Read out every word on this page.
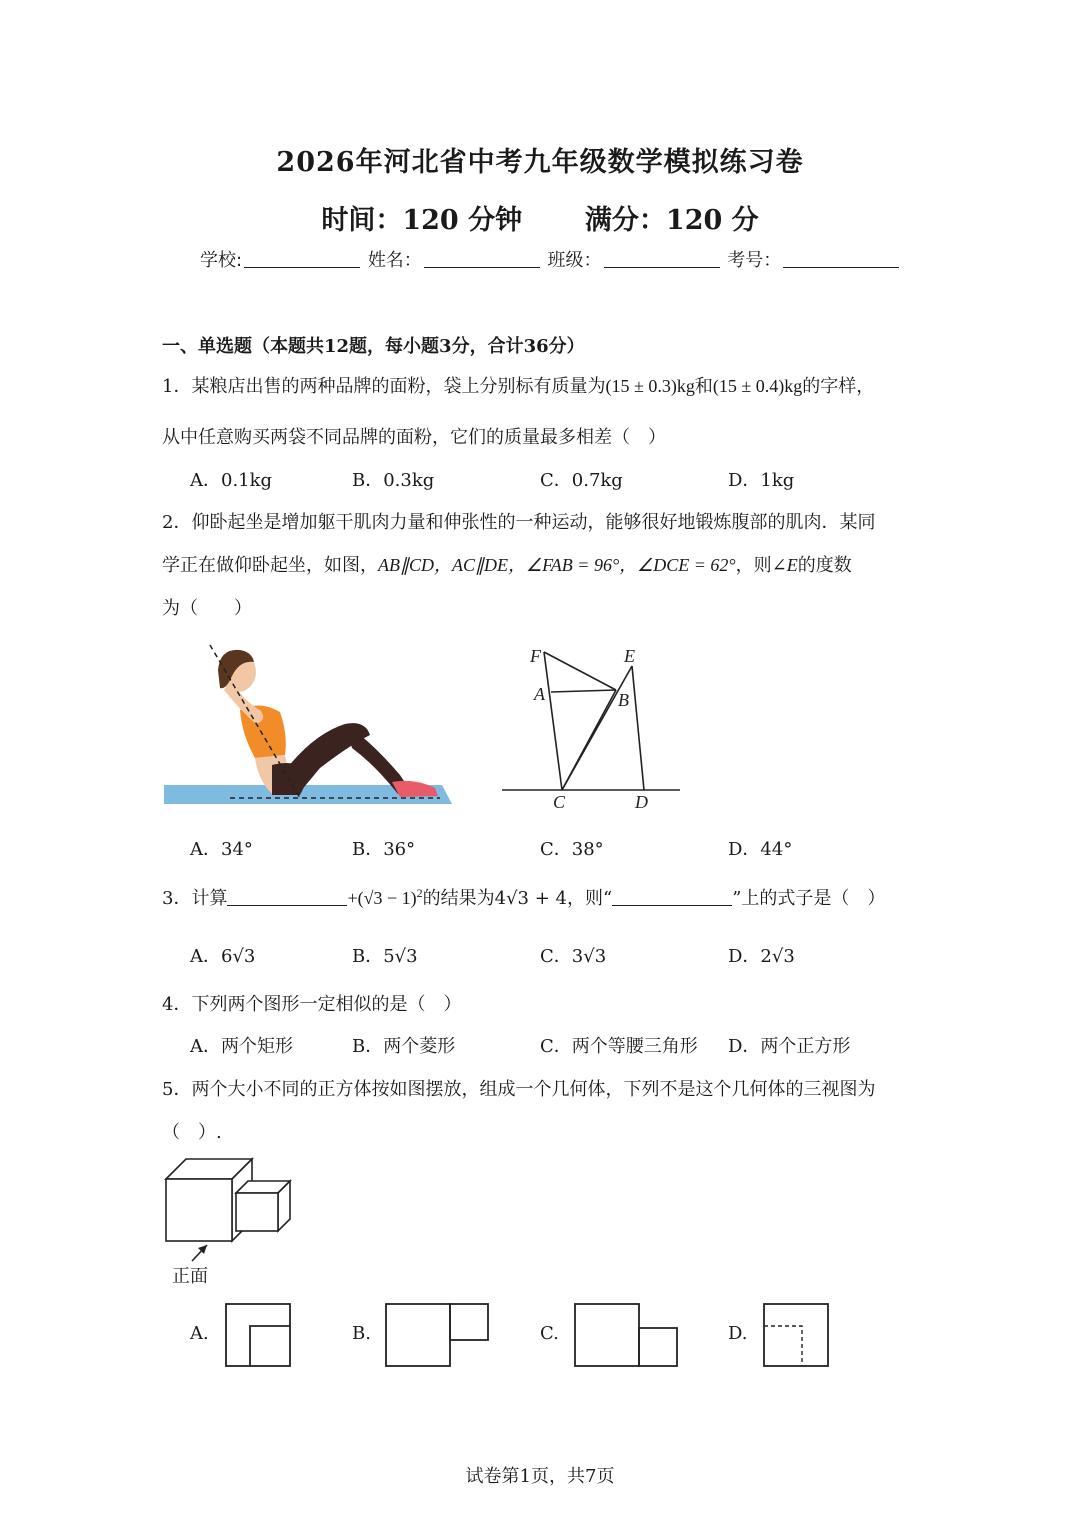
2026年河北省中考九年级数学模拟练习卷
时间：120 分钟 满分：120 分
学校:	姓名：	班级：	考号：
一、单选题（本题共12题，每小题3分，合计36分）
1．某粮店出售的两种品牌的面粉，袋上分别标有质量为(15 ± 0.3)kg和(15 ± 0.4)kg的字样，
从中任意购买两袋不同品牌的面粉，它们的质量最多相差（　）
A．0.1kg	B．0.3kg	C．0.7kg	D．1kg
2．仰卧起坐是增加躯干肌肉力量和伸张性的一种运动，能够很好地锻炼腹部的肌肉．某同
学正在做仰卧起坐，如图，AB∥CD，AC∥DE，∠FAB = 96°，∠DCE = 62°，则∠E的度数
为（　　）
F	E
A	B
C	D
A．34°	B．36°	C．38°	D．44°
3．计算	$+(√3 - 1)^2$的结果为4√3 + 4，则“	”上的式子是（　）
A．6√3	B．5√3	C．3√3	D．2√3
4．下列两个图形一定相似的是（　）
A．两个矩形	B．两个菱形	C．两个等腰三角形 D．两个正方形
5．两个大小不同的正方体按如图摆放，组成一个几何体，下列不是这个几何体的三视图为
（　）.
正面
A.	B.	C.	D.
试卷第1页，共7页
